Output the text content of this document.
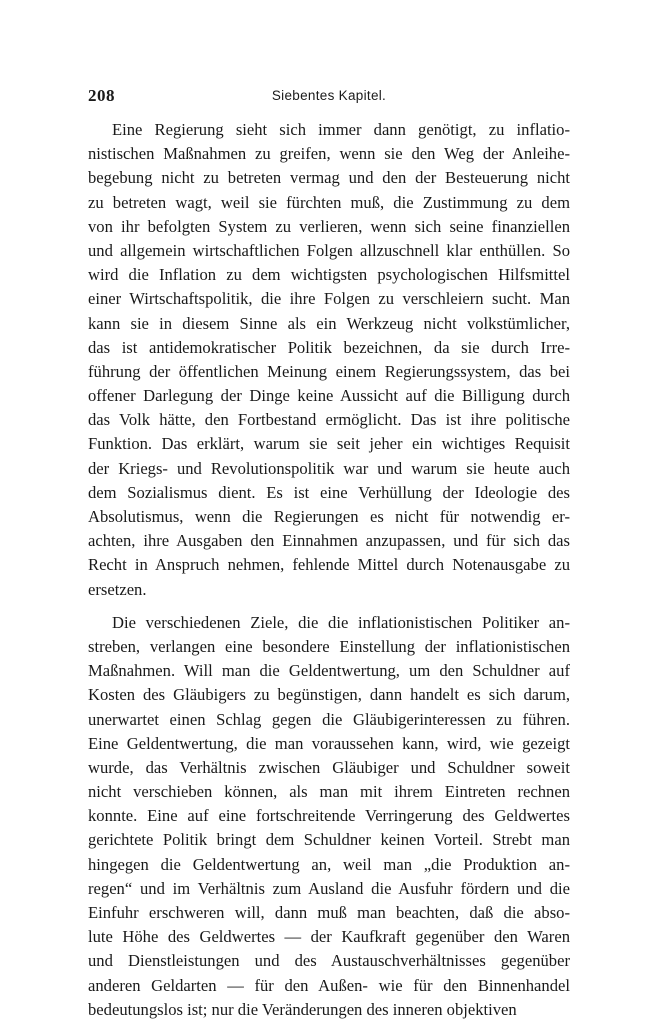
208	Siebentes Kapitel.
Eine Regierung sieht sich immer dann genötigt, zu inflatio-
nistischen Maßnahmen zu greifen, wenn sie den Weg der Anleihe-
begebung nicht zu betreten vermag und den der Besteuerung nicht
zu betreten wagt, weil sie fürchten muß, die Zustimmung zu dem
von ihr befolgten System zu verlieren, wenn sich seine finanziellen
und allgemein wirtschaftlichen Folgen allzuschnell klar enthüllen. So
wird die Inflation zu dem wichtigsten psychologischen Hilfsmittel
einer Wirtschaftspolitik, die ihre Folgen zu verschleiern sucht. Man
kann sie in diesem Sinne als ein Werkzeug nicht volkstümlicher,
das ist antidemokratischer Politik bezeichnen, da sie durch Irre-
führung der öffentlichen Meinung einem Regierungssystem, das bei
offener Darlegung der Dinge keine Aussicht auf die Billigung durch
das Volk hätte, den Fortbestand ermöglicht. Das ist ihre politische
Funktion. Das erklärt, warum sie seit jeher ein wichtiges Requisit
der Kriegs- und Revolutionspolitik war und warum sie heute auch
dem Sozialismus dient. Es ist eine Verhüllung der Ideologie des
Absolutismus, wenn die Regierungen es nicht für notwendig er-
achten, ihre Ausgaben den Einnahmen anzupassen, und für sich das
Recht in Anspruch nehmen, fehlende Mittel durch Notenausgabe zu
ersetzen.
Die verschiedenen Ziele, die die inflationistischen Politiker an-
streben, verlangen eine besondere Einstellung der inflationistischen
Maßnahmen. Will man die Geldentwertung, um den Schuldner auf
Kosten des Gläubigers zu begünstigen, dann handelt es sich darum,
unerwartet einen Schlag gegen die Gläubigerinteressen zu führen.
Eine Geldentwertung, die man voraussehen kann, wird, wie gezeigt
wurde, das Verhältnis zwischen Gläubiger und Schuldner soweit
nicht verschieben können, als man mit ihrem Eintreten rechnen
konnte. Eine auf eine fortschreitende Verringerung des Geldwertes
gerichtete Politik bringt dem Schuldner keinen Vorteil. Strebt man
hingegen die Geldentwertung an, weil man „die Produktion an-
regen“ und im Verhältnis zum Ausland die Ausfuhr fördern und die
Einfuhr erschweren will, dann muß man beachten, daß die abso-
lute Höhe des Geldwertes — der Kaufkraft gegenüber den Waren
und Dienstleistungen und des Austauschverhältnisses gegenüber
anderen Geldarten — für den Außen- wie für den Binnenhandel
bedeutungslos ist; nur die Veränderungen des inneren objektiven
